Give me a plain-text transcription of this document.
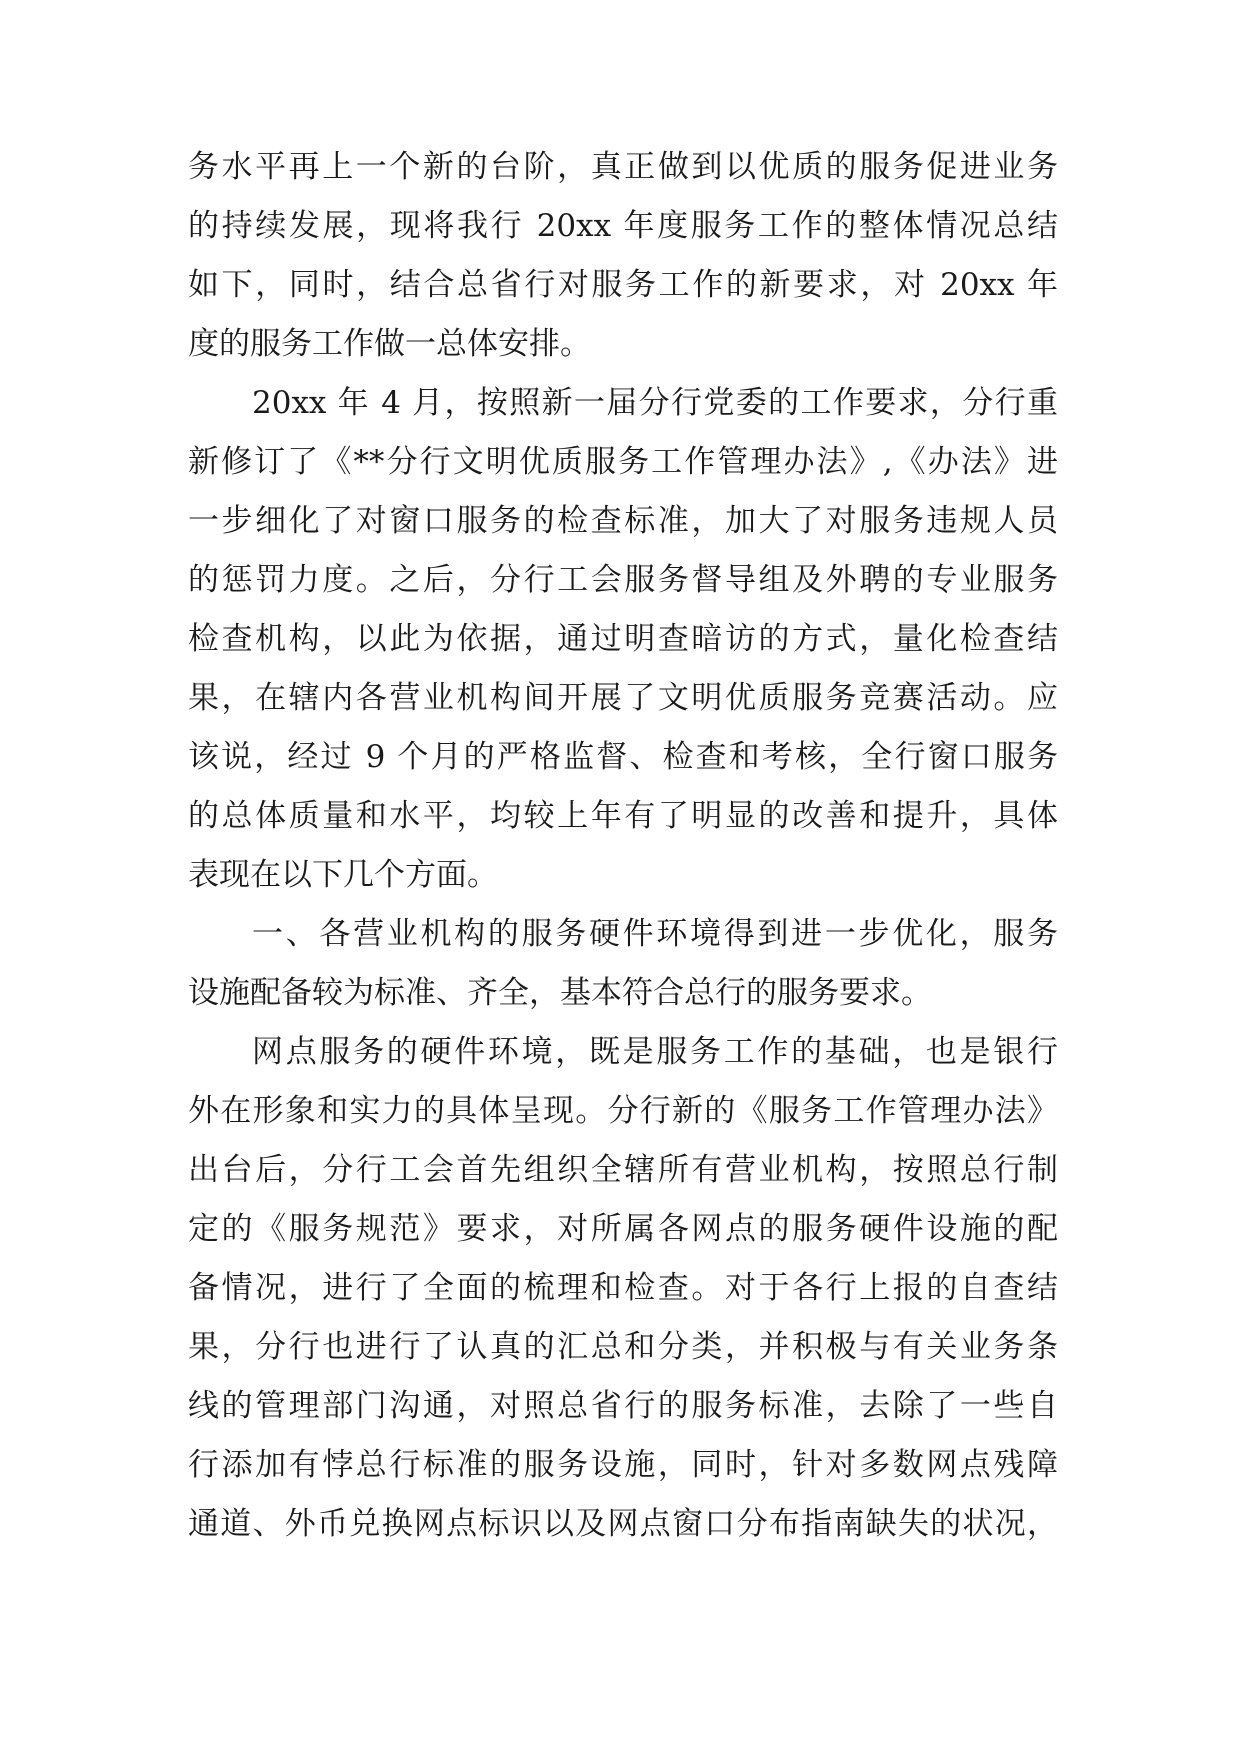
务水平再上一个新的台阶，真正做到以优质的服务促进业务
的持续发展，现将我行 20xx 年度服务工作的整体情况总结
如下，同时，结合总省行对服务工作的新要求，对 20xx 年
度的服务工作做一总体安排。
20xx 年 4 月，按照新一届分行党委的工作要求，分行重
新修订了《**分行文明优质服务工作管理办法》,《办法》进
一步细化了对窗口服务的检查标准，加大了对服务违规人员
的惩罚力度。之后，分行工会服务督导组及外聘的专业服务
检查机构，以此为依据，通过明查暗访的方式，量化检查结
果，在辖内各营业机构间开展了文明优质服务竞赛活动。应
该说，经过 9 个月的严格监督、检查和考核，全行窗口服务
的总体质量和水平，均较上年有了明显的改善和提升，具体
表现在以下几个方面。
一、各营业机构的服务硬件环境得到进一步优化，服务
设施配备较为标准、齐全，基本符合总行的服务要求。
网点服务的硬件环境，既是服务工作的基础，也是银行
外在形象和实力的具体呈现。分行新的《服务工作管理办法》
出台后，分行工会首先组织全辖所有营业机构，按照总行制
定的《服务规范》要求，对所属各网点的服务硬件设施的配
备情况，进行了全面的梳理和检查。对于各行上报的自查结
果，分行也进行了认真的汇总和分类，并积极与有关业务条
线的管理部门沟通，对照总省行的服务标准，去除了一些自
行添加有悖总行标准的服务设施，同时，针对多数网点残障
通道、外币兑换网点标识以及网点窗口分布指南缺失的状况，
